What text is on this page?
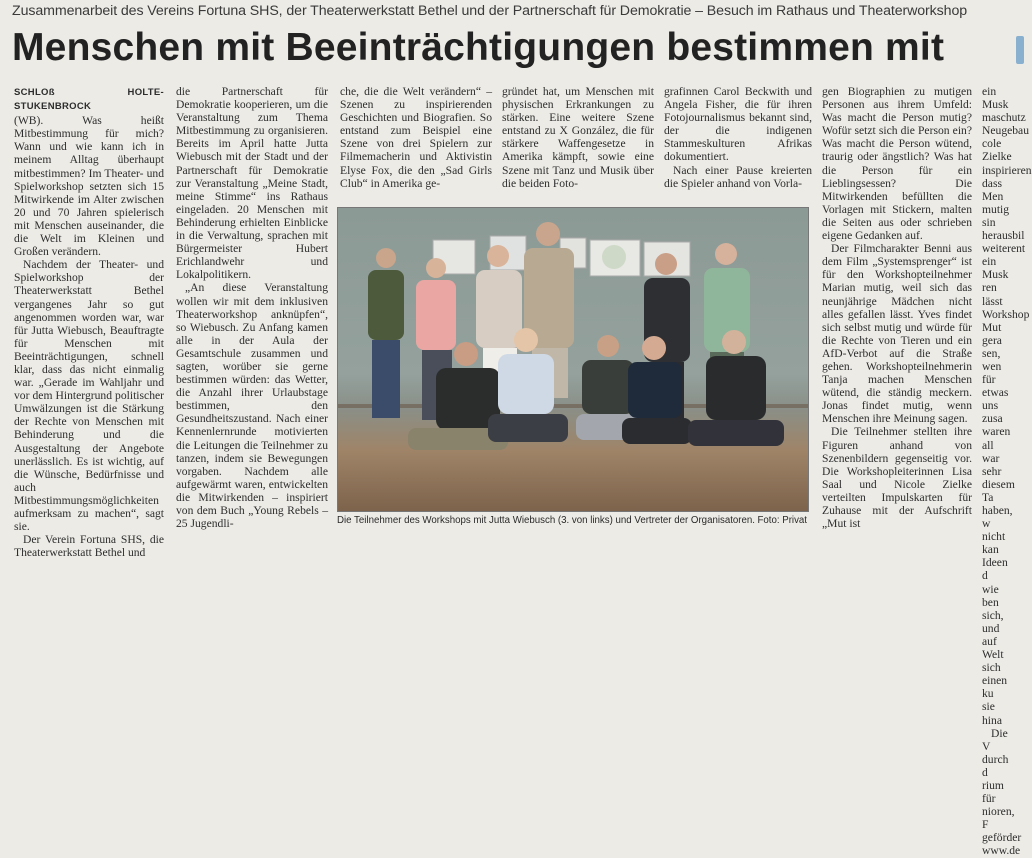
Zusammenarbeit des Vereins Fortuna SHS, der Theaterwerkstatt Bethel und der Partnerschaft für Demokratie – Besuch im Rathaus und Theaterworkshop
Menschen mit Beeinträchtigungen bestimmen mit
SCHLOß HOLTE-STUKENBROCK

(WB). Was heißt Mitbestimmung für mich? Wann und wie kann ich in meinem Alltag überhaupt mitbestimmen? Im Theater- und Spielworkshop setzten sich 15 Mitwirkende im Alter zwischen 20 und 70 Jahren spielerisch mit Menschen auseinander, die die Welt im Kleinen und Großen verändern.

Nachdem der Theater- und Spielworkshop der Theaterwerkstatt Bethel vergangenes Jahr so gut angenommen worden war, war für Jutta Wiebusch, Beauftragte für Menschen mit Beeinträchtigungen, schnell klar, dass das nicht einmalig war. „Gerade im Wahljahr und vor dem Hintergrund politischer Umwälzungen ist die Stärkung der Rechte von Menschen mit Behinderung und die Ausgestaltung der Angebote unerlässlich. Es ist wichtig, auf die Wünsche, Bedürfnisse und auch Mitbestimmungsmöglichkeiten aufmerksam zu machen“, sagt sie.

Der Verein Fortuna SHS, die Theaterwerkstatt Bethel und

die Partnerschaft für Demokratie kooperieren, um die Veranstaltung zum Thema Mitbestimmung zu organisieren. Bereits im April hatte Jutta Wiebusch mit der Stadt und der Partnerschaft für Demokratie zur Veranstaltung „Meine Stadt, meine Stimme“ ins Rathaus eingeladen. 20 Menschen mit Behinderung erhielten Einblicke in die Verwaltung, sprachen mit Bürgermeister Hubert Erichlandwehr und Lokalpolitikern.

„An diese Veranstaltung wollen wir mit dem inklusiven Theaterworkshop anknüpfen“, so Wiebusch. Zu Anfang kamen alle in der Aula der Gesamtschule zusammen und sagten, worüber sie gerne bestimmen würden: das Wetter, die Anzahl ihrer Urlaubstage bestimmen, den Gesundheitszustand. Nach einer Kennenlernrunde motivierten die Leitungen die Teilnehmer zu tanzen, indem sie Bewegungen vorgaben. Nachdem alle aufgewärmt waren, entwickelten die Mitwirkenden – inspiriert von dem Buch „Young Rebels – 25 Jugendli-

che, die die Welt verändern“ – Szenen zu inspirierenden Geschichten und Biografien. So entstand zum Beispiel eine Szene von drei Spielern zur Filmemacherin und Aktivistin Elyse Fox, die den „Sad Girls Club“ in Amerika ge-

gründet hat, um Menschen mit physischen Erkrankungen zu stärken. Eine weitere Szene entstand zu X González, die für stärkere Waffengesetze in Amerika kämpft, sowie eine Szene mit Tanz und Musik über die beiden Foto-

grafinnen Carol Beckwith und Angela Fisher, die für ihren Fotojournalismus bekannt sind, der die indigenen Stammeskulturen Afrikas dokumentiert.

Nach einer Pause kreierten die Spieler anhand von Vorla-

gen Biographien zu mutigen Personen aus ihrem Umfeld: Was macht die Person mutig? Wofür setzt sich die Person ein? Was macht die Person wütend, traurig oder ängstlich? Was hat die Person für ein Lieblingsessen? Die Mitwirkenden befüllten die Vorlagen mit Stickern, malten die Seiten aus oder schrieben eigene Gedanken auf.

Der Filmcharakter Benni aus dem Film „Systemsprenger“ ist für den Workshopteilnehmer Marian mutig, weil sich das neunjährige Mädchen nicht alles gefallen lässt. Yves findet sich selbst mutig und würde für die Rechte von Tieren und ein AfD-Verbot auf die Straße gehen. Workshopteilnehmerin Tanja machen Menschen wütend, die ständig meckern. Jonas findet mutig, wenn Menschen ihre Meinung sagen.

Die Teilnehmer stellten ihre Figuren anhand von Szenenbildern gegenseitig vor. Die Workshopleiterinnen Lisa Saal und Nicole Zielke verteilten Impulskarten für Zuhause mit der Aufschrift „Mut ist

ein Musk maschutz Neugebau cole Zielke inspirieren dass Men mutig sin herausbil weiterent ein Musk ren lässt Workshop Mut gera sen, wen für etwas uns zusa waren all war sehr diesem Ta haben, w nicht kan Ideen d wie ben sich, und auf Welt sich einen ku sie hina

Die V durch d rium für nioren, F geförder www.de

Die Teilnehmer des Workshops mit Jutta Wiebusch (3. von links) und Vertreter der Organisatoren. Foto: Privat
